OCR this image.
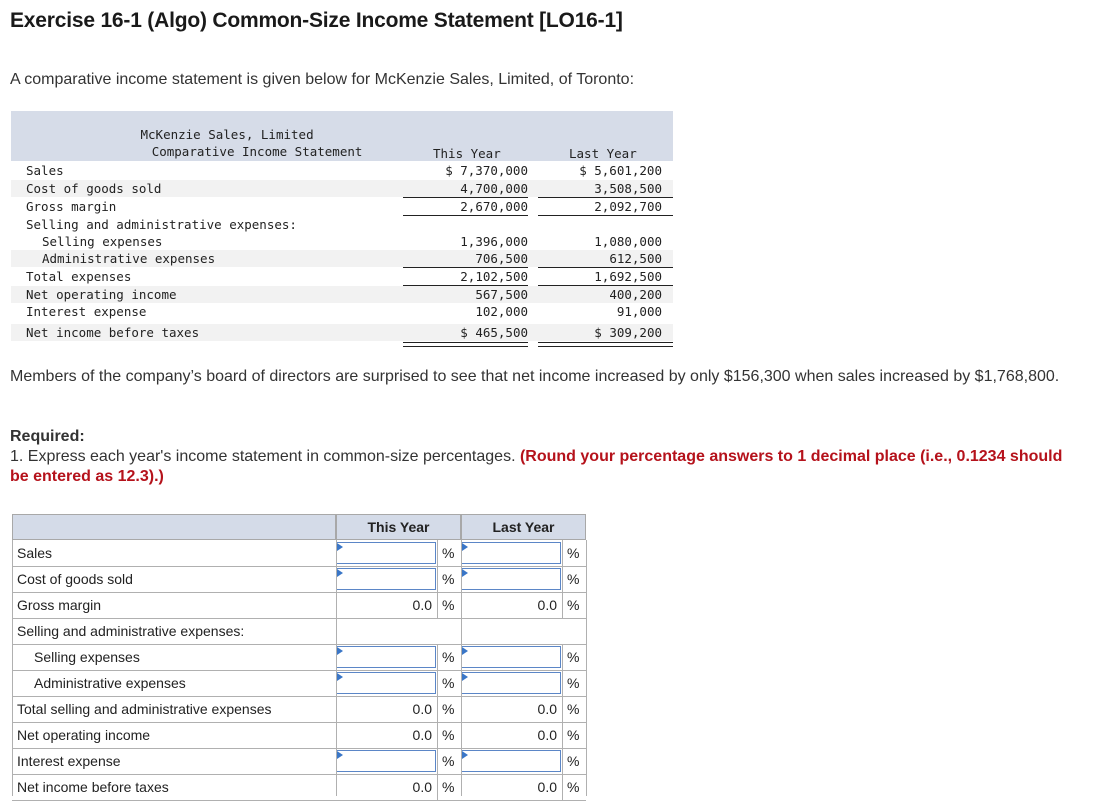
Exercise 16-1 (Algo) Common-Size Income Statement [LO16-1]

A comparative income statement is given below for McKenzie Sales, Limited, of Toronto:

McKenzie Sales, Limited

Comparative Income Statement
	This Year	Last Year
Sales	$ 7,370,000	$ 5,601,200
Cost of goods sold	4,700,000	3,508,500
Gross margin	2,670,000	2,092,700
Selling and administrative expenses:
Selling expenses	1,396,000	1,080,000
Administrative expenses	706,500	612,500
Total expenses	2,102,500	1,692,500
Net operating income	567,500	400,200
Interest expense	102,000	91,000
Net income before taxes	$ 465,500	$ 309,200

Members of the company’s board of directors are surprised to see that net income increased by only $156,300 when sales increased by $1,768,800.

Required:

1. Express each year's income statement in common-size percentages. (Round your percentage answers to 1 decimal place (i.e., 0.1234 should be entered as 12.3).)

This Year	Last Year
Sales	%	%
Cost of goods sold	%	%
Gross margin	0.0 %	0.0 %
Selling and administrative expenses:
Selling expenses	%	%
Administrative expenses	%	%
Total selling and administrative expenses	0.0 %	0.0 %
Net operating income	0.0 %	0.0 %
Interest expense	%	%
Net income before taxes	0.0 %	0.0 %
